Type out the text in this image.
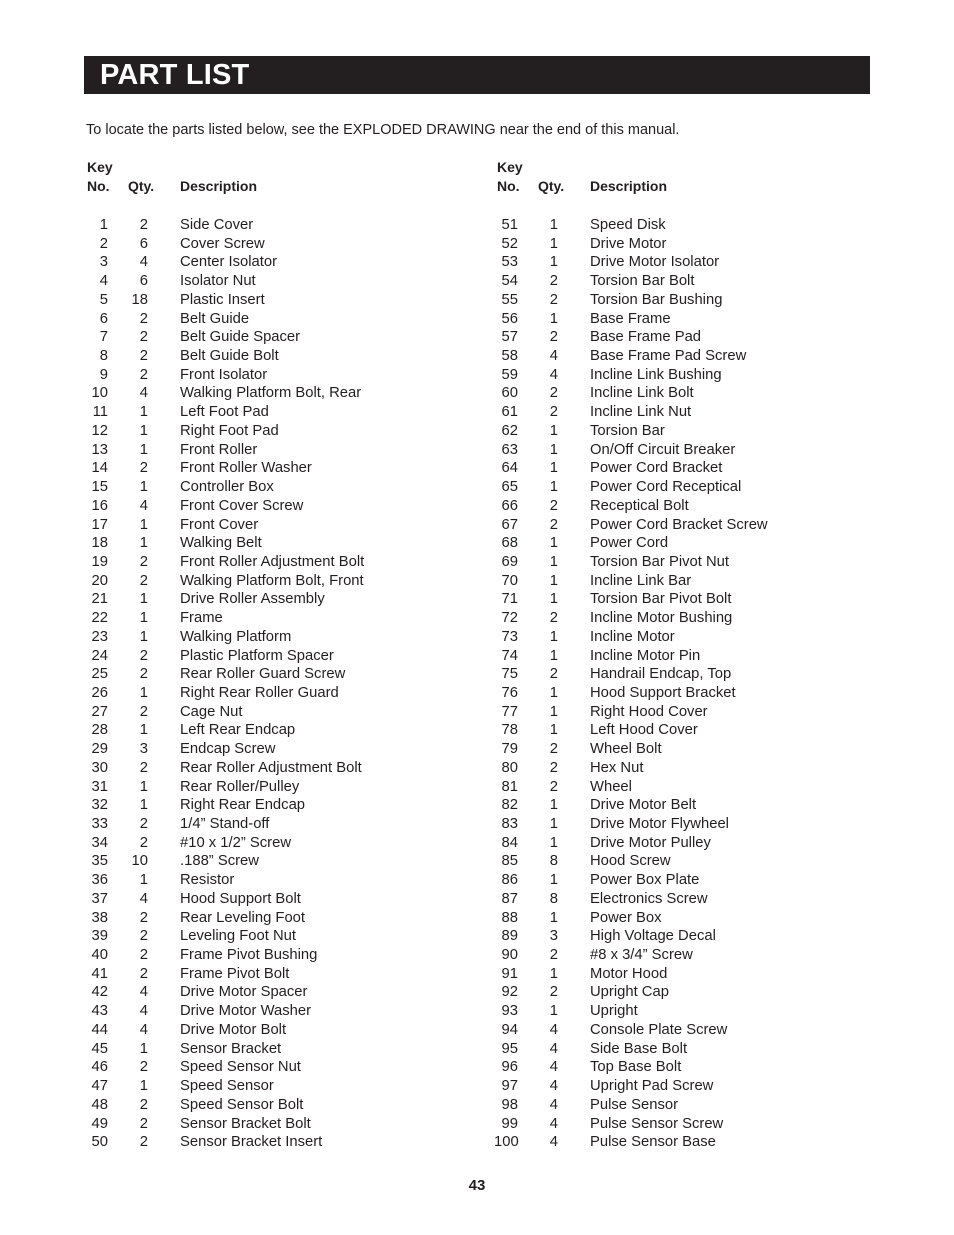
PART LIST
To locate the parts listed below, see the EXPLODED DRAWING near the end of this manual.
Key
No.	Qty. Description
1	2 Side Cover
2	6 Cover Screw
3	4 Center Isolator
4	6 Isolator Nut
5 18 Plastic Insert
6	2 Belt Guide
7	2 Belt Guide Spacer
8	2 Belt Guide Bolt
9	2 Front Isolator
10	4 Walking Platform Bolt, Rear
11	1 Left Foot Pad
12	1 Right Foot Pad
13	1 Front Roller
14	2 Front Roller Washer
15	1 Controller Box
16	4 Front Cover Screw
17	1 Front Cover
18	1 Walking Belt
19	2 Front Roller Adjustment Bolt
20	2 Walking Platform Bolt, Front
21	1 Drive Roller Assembly
22	1 Frame
23	1 Walking Platform
24	2 Plastic Platform Spacer
25	2 Rear Roller Guard Screw
26	1 Right Rear Roller Guard
27	2 Cage Nut
28	1 Left Rear Endcap
29	3 Endcap Screw
30	2 Rear Roller Adjustment Bolt
31	1 Rear Roller/Pulley
32	1 Right Rear Endcap
33	2 1/4” Stand-off
34	2 #10 x 1/2” Screw
35 10 .188” Screw
36	1 Resistor
37	4 Hood Support Bolt
38	2 Rear Leveling Foot
39	2 Leveling Foot Nut
40	2 Frame Pivot Bushing
41	2 Frame Pivot Bolt
42	4 Drive Motor Spacer
43	4 Drive Motor Washer
44	4 Drive Motor Bolt
45	1 Sensor Bracket
46	2 Speed Sensor Nut
47	1 Speed Sensor
48	2 Speed Sensor Bolt
49	2 Sensor Bracket Bolt
50	2 Sensor Bracket Insert
Key
No.	Qty. Description
51	1 Speed Disk
52	1 Drive Motor
53	1 Drive Motor Isolator
54	2 Torsion Bar Bolt
55	2 Torsion Bar Bushing
56	1 Base Frame
57	2 Base Frame Pad
58	4 Base Frame Pad Screw
59	4 Incline Link Bushing
60	2 Incline Link Bolt
61	2 Incline Link Nut
62	1 Torsion Bar
63	1 On/Off Circuit Breaker
64	1 Power Cord Bracket
65	1 Power Cord Receptical
66	2 Receptical Bolt
67	2 Power Cord Bracket Screw
68	1 Power Cord
69	1 Torsion Bar Pivot Nut
70	1 Incline Link Bar
71	1 Torsion Bar Pivot Bolt
72	2 Incline Motor Bushing
73	1 Incline Motor
74	1 Incline Motor Pin
75	2 Handrail Endcap, Top
76	1 Hood Support Bracket
77	1 Right Hood Cover
78	1 Left Hood Cover
79	2 Wheel Bolt
80	2 Hex Nut
81	2 Wheel
82	1 Drive Motor Belt
83	1 Drive Motor Flywheel
84	1 Drive Motor Pulley
85	8 Hood Screw
86	1 Power Box Plate
87	8 Electronics Screw
88	1 Power Box
89	3 High Voltage Decal
90	2 #8 x 3/4” Screw
91	1 Motor Hood
92	2 Upright Cap
93	1 Upright
94	4 Console Plate Screw
95	4 Side Base Bolt
96	4 Top Base Bolt
97	4 Upright Pad Screw
98	4 Pulse Sensor
99	4 Pulse Sensor Screw
100	4 Pulse Sensor Base
43
